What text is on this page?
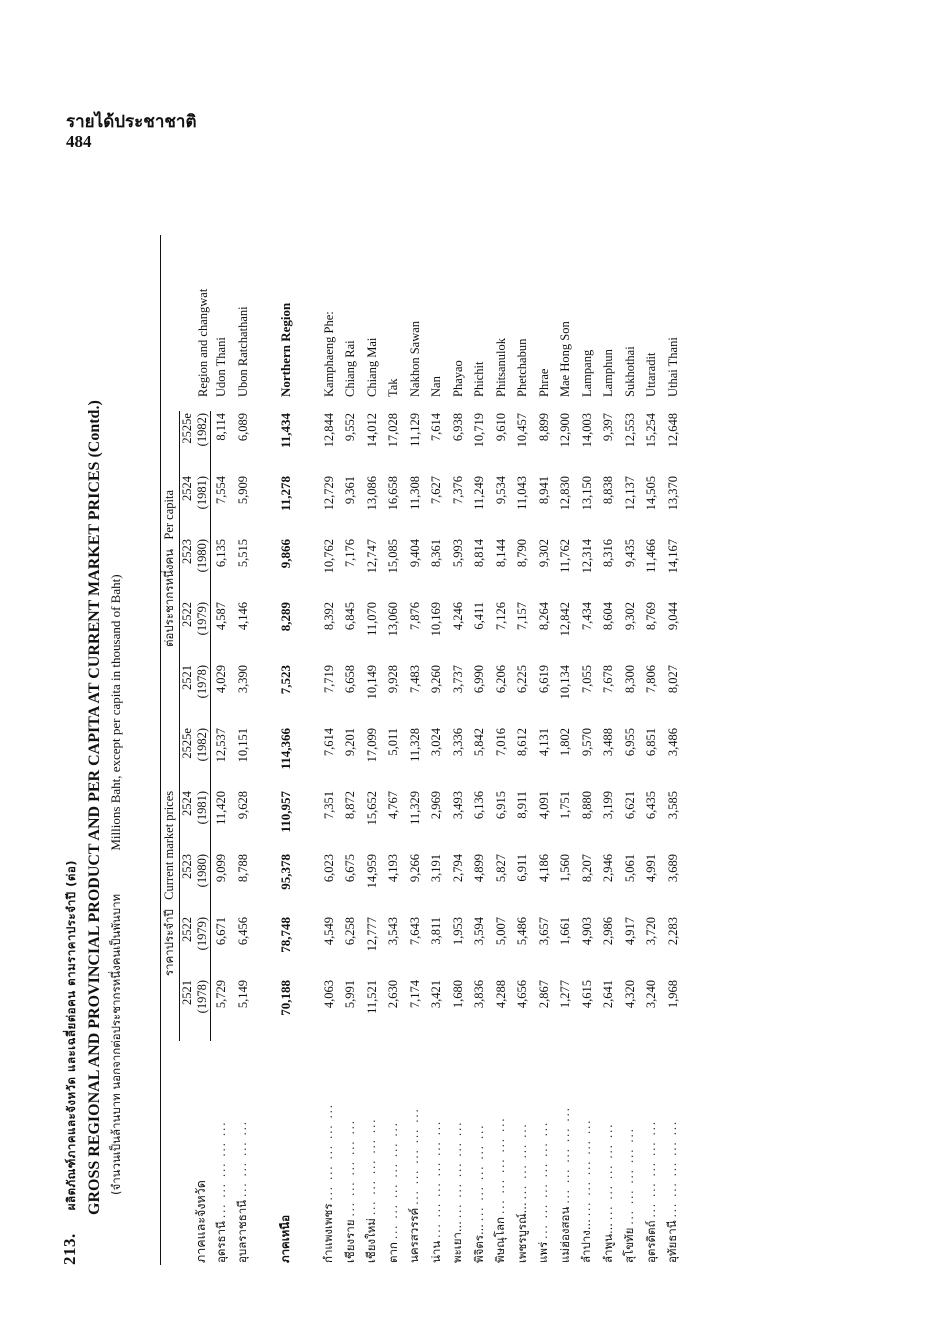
รายได้ประชาชาติ
484
213. ผลิตภัณฑ์ภาคและจังหวัด และเฉลี่ยต่อคน ตามราคาประจำปี (ต่อ) GROSS REGIONAL AND PROVINCIAL PRODUCT AND PER CAPITA AT CURRENT MARKET PRICES (Contd.) (จำนวนเป็นล้านบาท นอกจากต่อประชากรหนึ่งคนเป็นพันบาท Millions Baht, except per capita in thousand of Baht)
ภาคและจังหวัด	ราคาประจำปี   Current market prices					ต่อประชากรหนึ่งคน   Per capita					Region and changwat

	2521 (1978)	2522 (1979)	2523 (1980)	2524 (1981)	2525e (1982)	2521 (1978)	2522 (1979)	2523 (1980)	2524 (1981)	2525e (1982)	

อุดรธานี ... ... ... ... ...	5,729	6,671	9,099	11,420	12,537	4,029	4,587	6,135	7,554	8,114	Udon Thani
อุบลราชธานี ... ... ... ...	5,149	6,456	8,788	9,628	10,151	3,390	4,146	5,515	5,909	6,089	Ubon Ratchathani

ภาคเหนือ	70,188	78,748	95,378	110,957	114,366	7,523	8,289	9,866	11,278	11,434	Northern Region

กำแพงเพชร ... ... ... ... ...	4,063	4,549	6,023	7,351	7,614	7,719	8,392	10,762	12,729	12,844	Kamphaeng Phe:
เชียงราย ... ... ... ... ...	5,991	6,258	6,675	8,872	9,201	6,658	6,845	7,176	9,361	9,552	Chiang Rai
เชียงใหม่ ... ... ... ... ...	11,521	12,777	14,959	15,652	17,099	10,149	11,070	12,747	13,086	14,012	Chiang Mai
ตาก ... ... ... ... ... ...	2,630	3,543	4,193	4,767	5,011	9,928	13,060	15,085	16,658	17,028	Tak
นครสวรรค์ ... ... ... ... ...	7,174	7,643	9,266	11,329	11,328	7,483	7,876	9,404	11,308	11,129	Nakhon Sawan
น่าน ... ... ... ... ... ...	3,421	3,811	3,191	2,969	3,024	9,260	10,169	8,361	7,627	7,614	Nan
พะเยา... ... ... ... ... ...	1,680	1,953	2,794	3,493	3,336	3,737	4,246	5,993	7,376	6,938	Phayao
พิจิตร... ... ... ... ... ...	3,836	3,594	4,899	6,136	5,842	6,990	6,411	8,814	11,249	10,719	Phichit
พิษณุโลก ... ... ... ... ...	4,288	5,007	5,827	6,915	7,016	6,206	7,126	8,144	9,534	9,610	Phitsanulok
เพชรบูรณ์... ... ... ... ...	4,656	5,486	6,911	8,911	8,612	6,225	7,157	8,790	11,043	10,457	Phetchabun
แพร่ ... ... ... ... ... ...	2,867	3,657	4,186	4,091	4,131	6,619	8,264	9,302	8,941	8,899	Phrae
แม่ฮ่องสอน ... ... ... ... ...	1,277	1,661	1,560	1,751	1,802	10,134	12,842	11,762	12,830	12,900	Mae Hong Son
ลำปาง... ... ... ... ... ...	4,615	4,903	8,207	8,880	9,570	7,055	7,434	12,314	13,150	14,003	Lampang
ลำพูน... ... ... ... ... ...	2,641	2,986	2,946	3,199	3,488	7,678	8,604	8,316	8,838	9,397	Lamphun
สุโขทัย ... ... ... ... ...	4,320	4,917	5,061	6,621	6,955	8,300	9,302	9,435	12,137	12,553	Sukhothai
อุตรดิตถ์ ... ... ... ... ...	3,240	3,720	4,991	6,435	6,851	7,806	8,769	11,466	14,505	15,254	Uttaradit
อุทัยธานี ... ... ... ... ...	1,968	2,283	3,689	3,585	3,486	8,027	9,044	14,167	13,370	12,648	Uthai Thani
